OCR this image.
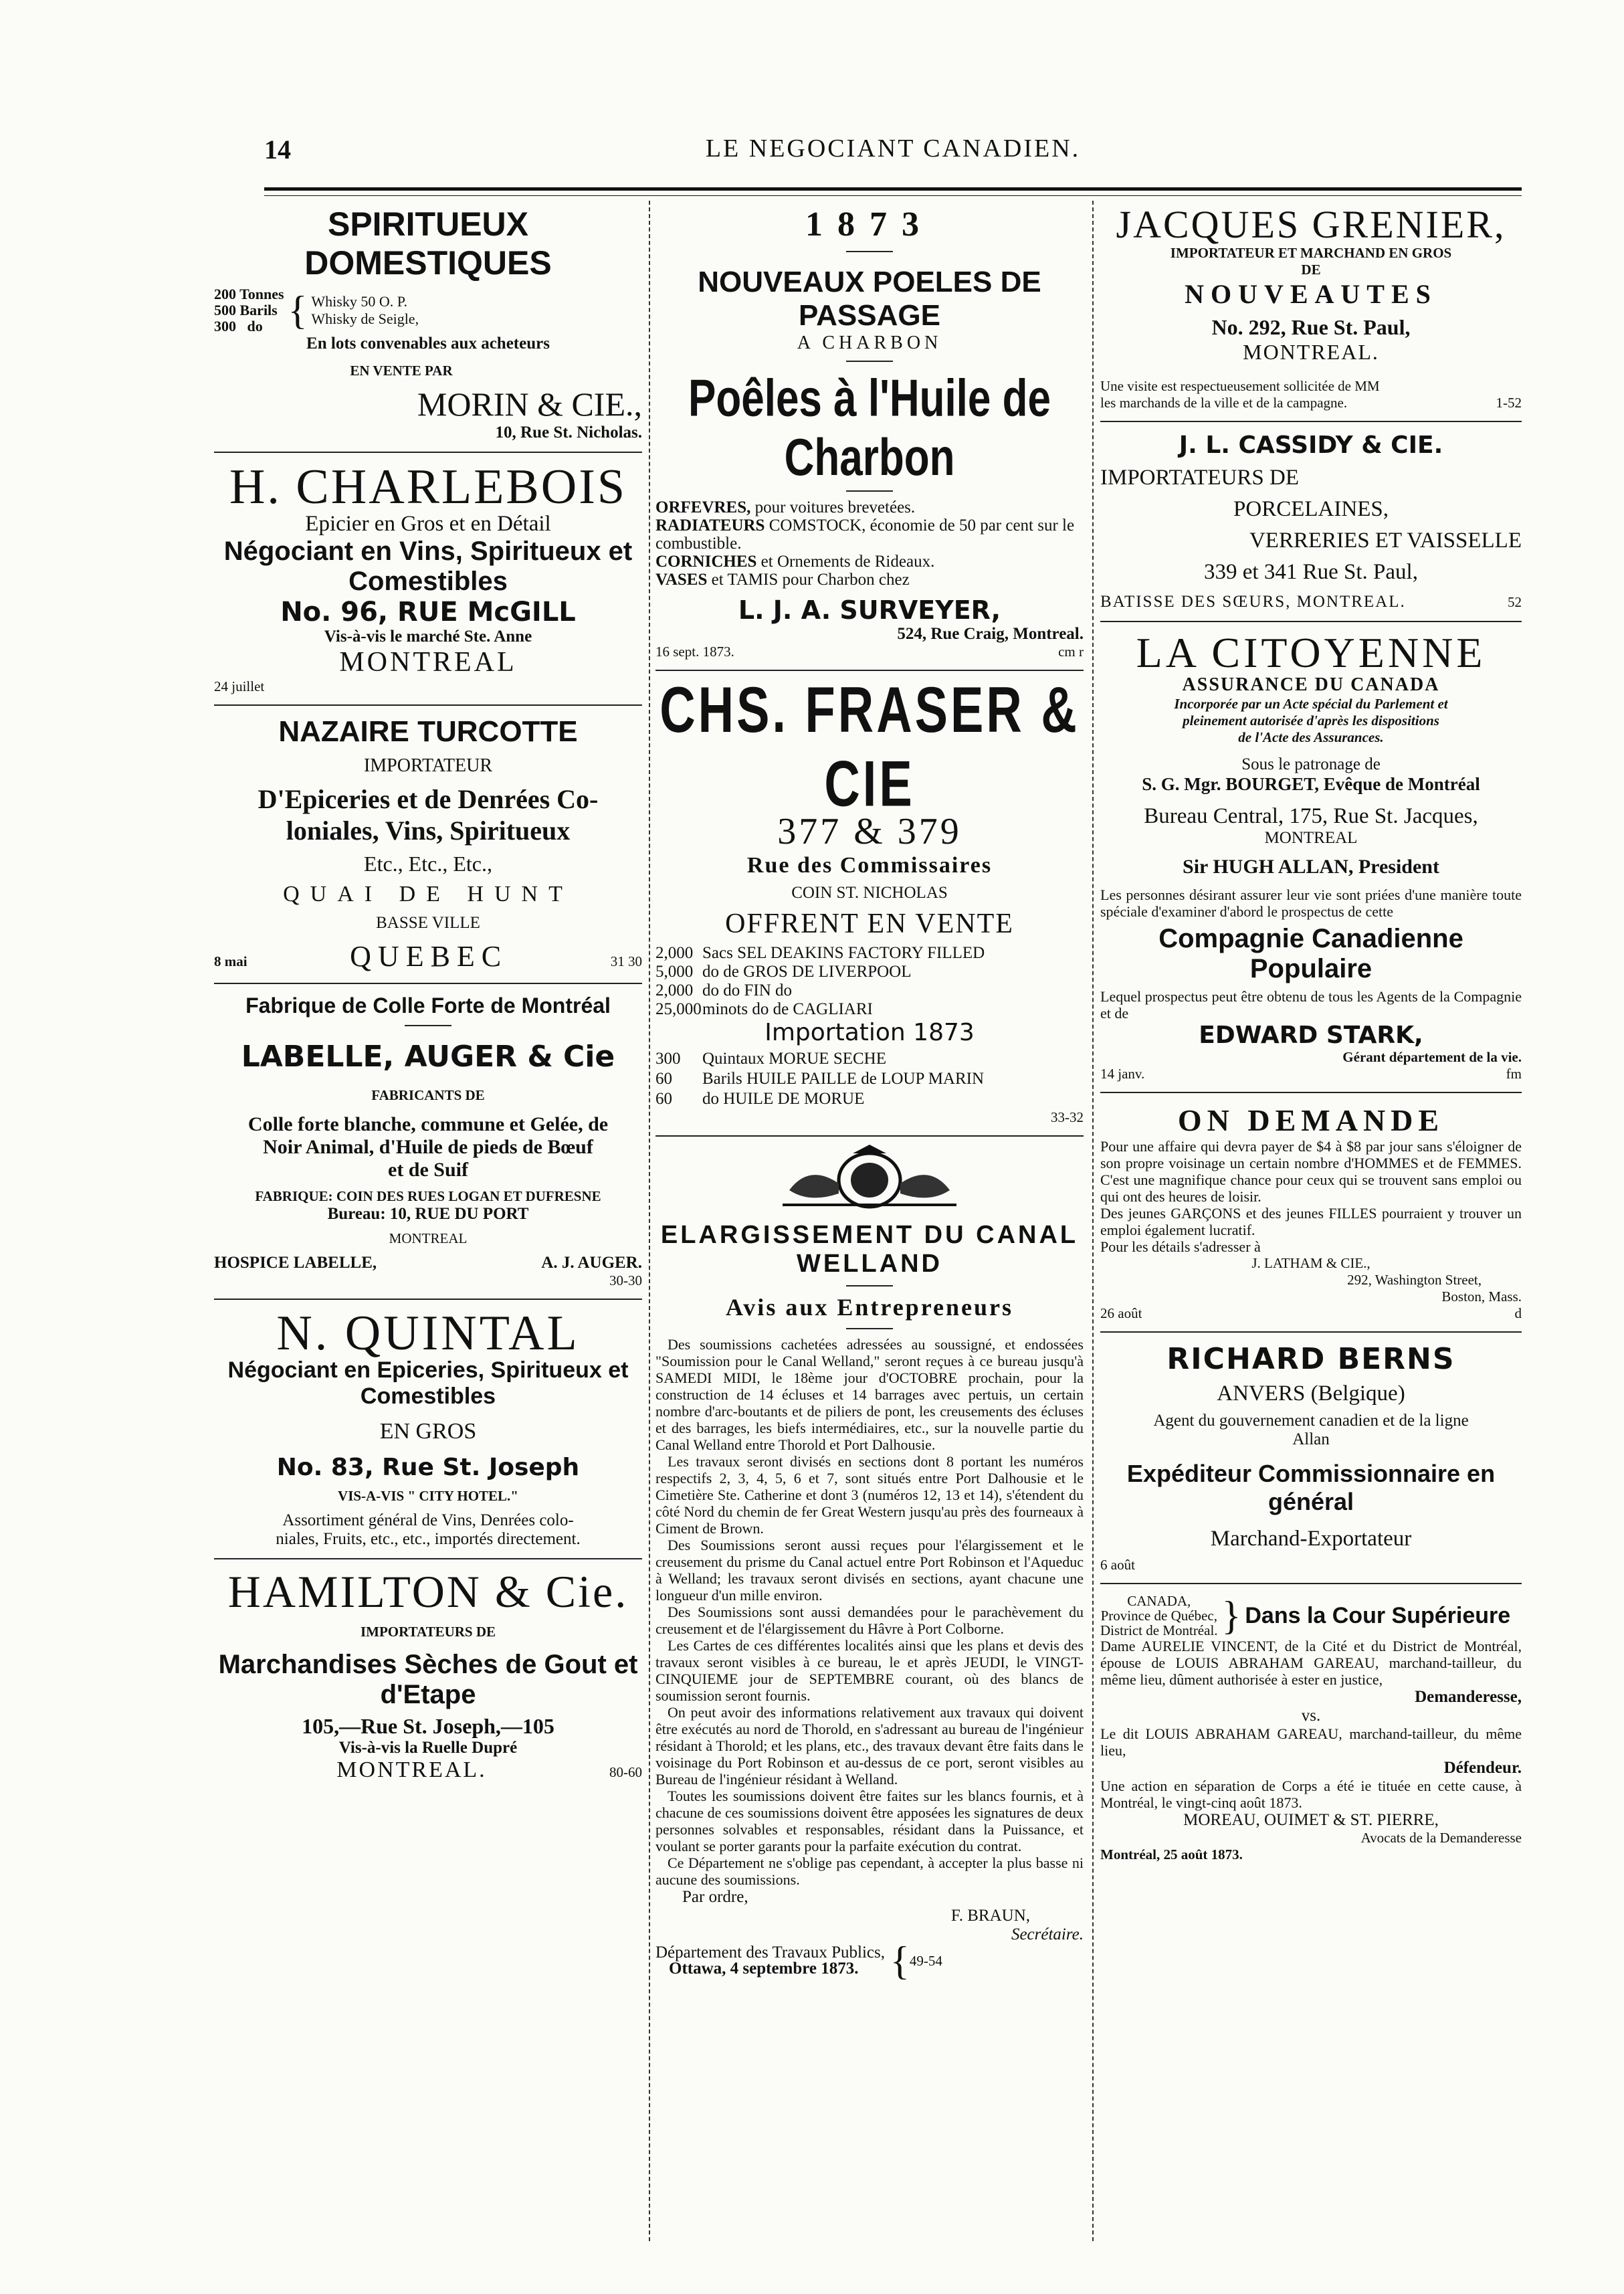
14	LE NEGOCIANT CANADIEN.
SPIRITUEUX DOMESTIQUES
200 Tonnes
500 Barils
300 do { Whisky 50 O. P.
Whisky de Seigle,
En lots convenables aux acheteurs
EN VENTE PAR
MORIN & CIE.,
10, Rue St. Nicholas.
H. CHARLEBOIS
Epicier en Gros et en Détail
Négociant en Vins, Spiritueux et Comestibles
No. 96, RUE McGILL
Vis-à-vis le marché Ste. Anne
MONTREAL
24 juillet
NAZAIRE TURCOTTE
IMPORTATEUR
D'Epiceries et de Denrées Co-
loniales, Vins, Spiritueux
Etc., Etc., Etc.,
QUAI DE HUNT
BASSE VILLE
8 mai	QUEBEC	31 30
Fabrique de Colle Forte de Montréal
LABELLE, AUGER & Cie
FABRICANTS DE
Colle forte blanche, commune et Gelée, de
Noir Animal, d'Huile de pieds de Bœuf
et de Suif
FABRIQUE: COIN DES RUES LOGAN ET DUFRESNE
Bureau: 10, RUE DU PORT
MONTREAL
HOSPICE LABELLE,	A. J. AUGER.
30-30
N. QUINTAL
Négociant en Epiceries, Spiritueux et Comestibles
EN GROS
No. 83, Rue St. Joseph
VIS-A-VIS " CITY HOTEL."
Assortiment général de Vins, Denrées colo-
niales, Fruits, etc., etc., importés directement.
HAMILTON & Cie.
IMPORTATEURS DE
Marchandises Sèches de Gout et d'Etape
105,—Rue St. Joseph,—105
Vis-à-vis la Ruelle Dupré
MONTREAL.	80-60
1873
NOUVEAUX POELES DE PASSAGE
A CHARBON
Poêles à l'Huile de Charbon
ORFEVRES, pour voitures brevetées.
RADIATEURS COMSTOCK, économie de 50 par cent sur le combustible.
CORNICHES et Ornements de Rideaux.
VASES et TAMIS pour Charbon chez
L. J. A. SURVEYER,
524, Rue Craig, Montreal.
16 sept. 1873.	cm r
CHS. FRASER & CIE
377 & 379
Rue des Commissaires
COIN ST. NICHOLAS
OFFRENT EN VENTE
2,000 Sacs SEL DEAKINS FACTORY FILLED
5,000 do de GROS DE LIVERPOOL
2,000 do do FIN do
25,000minots do de CAGLIARI
Importation 1873
300 Quintaux MORUE SECHE
60 Barils HUILE PAILLE de LOUP MARIN
60 do HUILE DE MORUE
33-32
ELARGISSEMENT DU CANAL WELLAND
Avis aux Entrepreneurs
Des soumissions cachetées adressées au soussigné, et endossées "Soumission pour le Canal Welland," seront reçues à ce bureau jusqu'à SAMEDI MIDI, le 18ème jour d'OCTOBRE prochain, pour la construction de 14 écluses et 14 barrages avec pertuis, un certain nombre d'arc-boutants et de piliers de pont, les creusements des écluses et des barrages, les biefs intermédiaires, etc., sur la nouvelle partie du Canal Welland entre Thorold et Port Dalhousie.
Les travaux seront divisés en sections dont 8 portant les numéros respectifs 2, 3, 4, 5, 6 et 7, sont situés entre Port Dalhousie et le Cimetière Ste. Catherine et dont 3 (numéros 12, 13 et 14), s'étendent du côté Nord du chemin de fer Great Western jusqu'au près des fourneaux à Ciment de Brown.
Des Soumissions seront aussi reçues pour l'élargissement et le creusement du prisme du Canal actuel entre Port Robinson et l'Aqueduc à Welland; les travaux seront divisés en sections, ayant chacune une longueur d'un mille environ.
Des Soumissions sont aussi demandées pour le parachèvement du creusement et de l'élargissement du Hâvre à Port Colborne.
Les Cartes de ces différentes localités ainsi que les plans et devis des travaux seront visibles à ce bureau, le et après JEUDI, le VINGT-CINQUIEME jour de SEPTEMBRE courant, où des blancs de soumission seront fournis.
On peut avoir des informations relativement aux travaux qui doivent être exécutés au nord de Thorold, en s'adressant au bureau de l'ingénieur résidant à Thorold; et les plans, etc., des travaux devant être faits dans le voisinage du Port Robinson et au-dessus de ce port, seront visibles au Bureau de l'ingénieur résidant à Welland.
Toutes les soumissions doivent être faites sur les blancs fournis, et à chacune de ces soumissions doivent être apposées les signatures de deux personnes solvables et responsables, résidant dans la Puissance, et voulant se porter garants pour la parfaite exécution du contrat.
Ce Département ne s'oblige pas cependant, à accepter la plus basse ni aucune des soumissions.
Par ordre,
F. BRAUN,
Secrétaire.
Département des Travaux Publics,
Ottawa, 4 septembre 1873. { 49-54
JACQUES GRENIER,
IMPORTATEUR ET MARCHAND EN GROS
DE
NOUVEAUTES
No. 292, Rue St. Paul,
MONTREAL.
Une visite est respectueusement sollicitée de MM
les marchands de la ville et de la campagne.	1-52
J. L. CASSIDY & CIE.
IMPORTATEURS DE
PORCELAINES,
VERRERIES ET VAISSELLE
339 et 341 Rue St. Paul,
BATISSE DES SŒURS, MONTREAL.	52
LA CITOYENNE
ASSURANCE DU CANADA
Incorporée par un Acte spécial du Parlement et
pleinement autorisée d'après les dispositions
de l'Acte des Assurances.
Sous le patronage de
S. G. Mgr. BOURGET, Evêque de Montréal
Bureau Central, 175, Rue St. Jacques,
MONTREAL
Sir HUGH ALLAN, President
Les personnes désirant assurer leur vie sont priées d'une manière toute spéciale d'examiner d'abord le prospectus de cette
Compagnie Canadienne Populaire
Lequel prospectus peut être obtenu de tous les Agents de la Compagnie et de
EDWARD STARK,
Gérant département de la vie.
14 janv.	fm
ON DEMANDE
Pour une affaire qui devra payer de $4 à $8 par jour sans s'éloigner de son propre voisinage un certain nombre d'HOMMES et de FEMMES. C'est une magnifique chance pour ceux qui se trouvent sans emploi ou qui ont des heures de loisir.
Des jeunes GARÇONS et des jeunes FILLES pourraient y trouver un emploi également lucratif.
Pour les détails s'adresser à
J. LATHAM & CIE.,
292, Washington Street,
Boston, Mass.
26 août	d
RICHARD BERNS
ANVERS (Belgique)
Agent du gouvernement canadien et de la ligne
Allan
Expéditeur Commissionnaire en général
Marchand-Exportateur
6 août
CANADA,
Province de Québec,
District de Montréal. } Dans la Cour Supérieure
Dame AURELIE VINCENT, de la Cité et du District de Montréal, épouse de LOUIS ABRAHAM GAREAU, marchand-tailleur, du même lieu, dûment authorisée à ester en justice,
Demanderesse,
vs.
Le dit LOUIS ABRAHAM GAREAU, marchand-tailleur, du même lieu,
Défendeur.
Une action en séparation de Corps a été ie tituée en cette cause, à Montréal, le vingt-cinq août 1873.
MOREAU, OUIMET & ST. PIERRE,
Avocats de la Demanderesse
Montréal, 25 août 1873.
